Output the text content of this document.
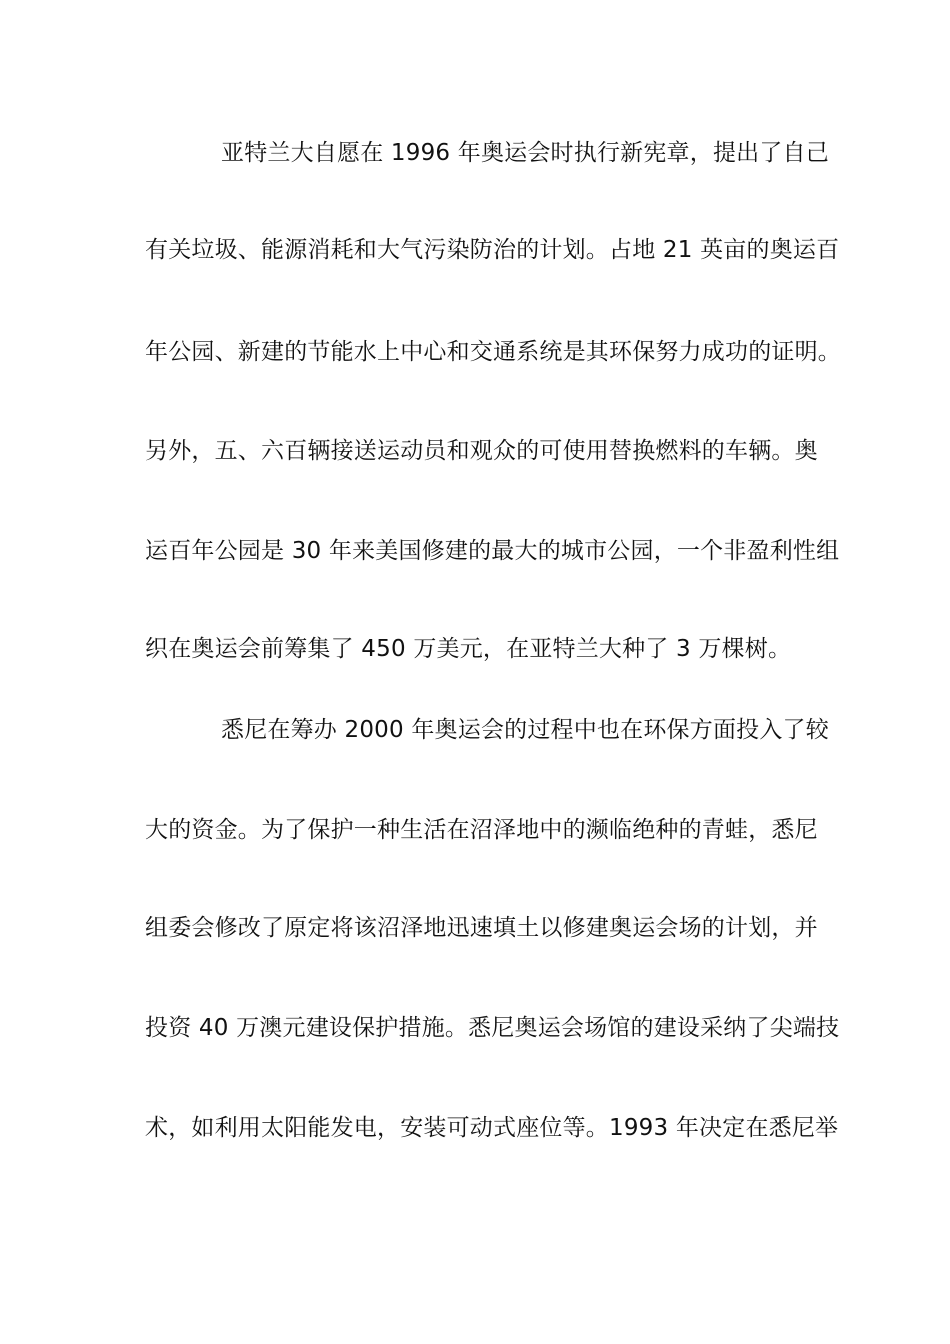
亚特兰大自愿在 1996 年奥运会时执行新宪章，提出了自己
有关垃圾、能源消耗和大气污染防治的计划。占地 21 英亩的奥运百
年公园、新建的节能水上中心和交通系统是其环保努力成功的证明。
另外，五、六百辆接送运动员和观众的可使用替换燃料的车辆。奥
运百年公园是 30 年来美国修建的最大的城市公园，一个非盈利性组
织在奥运会前筹集了 450 万美元，在亚特兰大种了 3 万棵树。
悉尼在筹办 2000 年奥运会的过程中也在环保方面投入了较
大的资金。为了保护一种生活在沼泽地中的濒临绝种的青蛙，悉尼
组委会修改了原定将该沼泽地迅速填土以修建奥运会场的计划，并
投资 40 万澳元建设保护措施。悉尼奥运会场馆的建设采纳了尖端技
术，如利用太阳能发电，安装可动式座位等。1993 年决定在悉尼举
